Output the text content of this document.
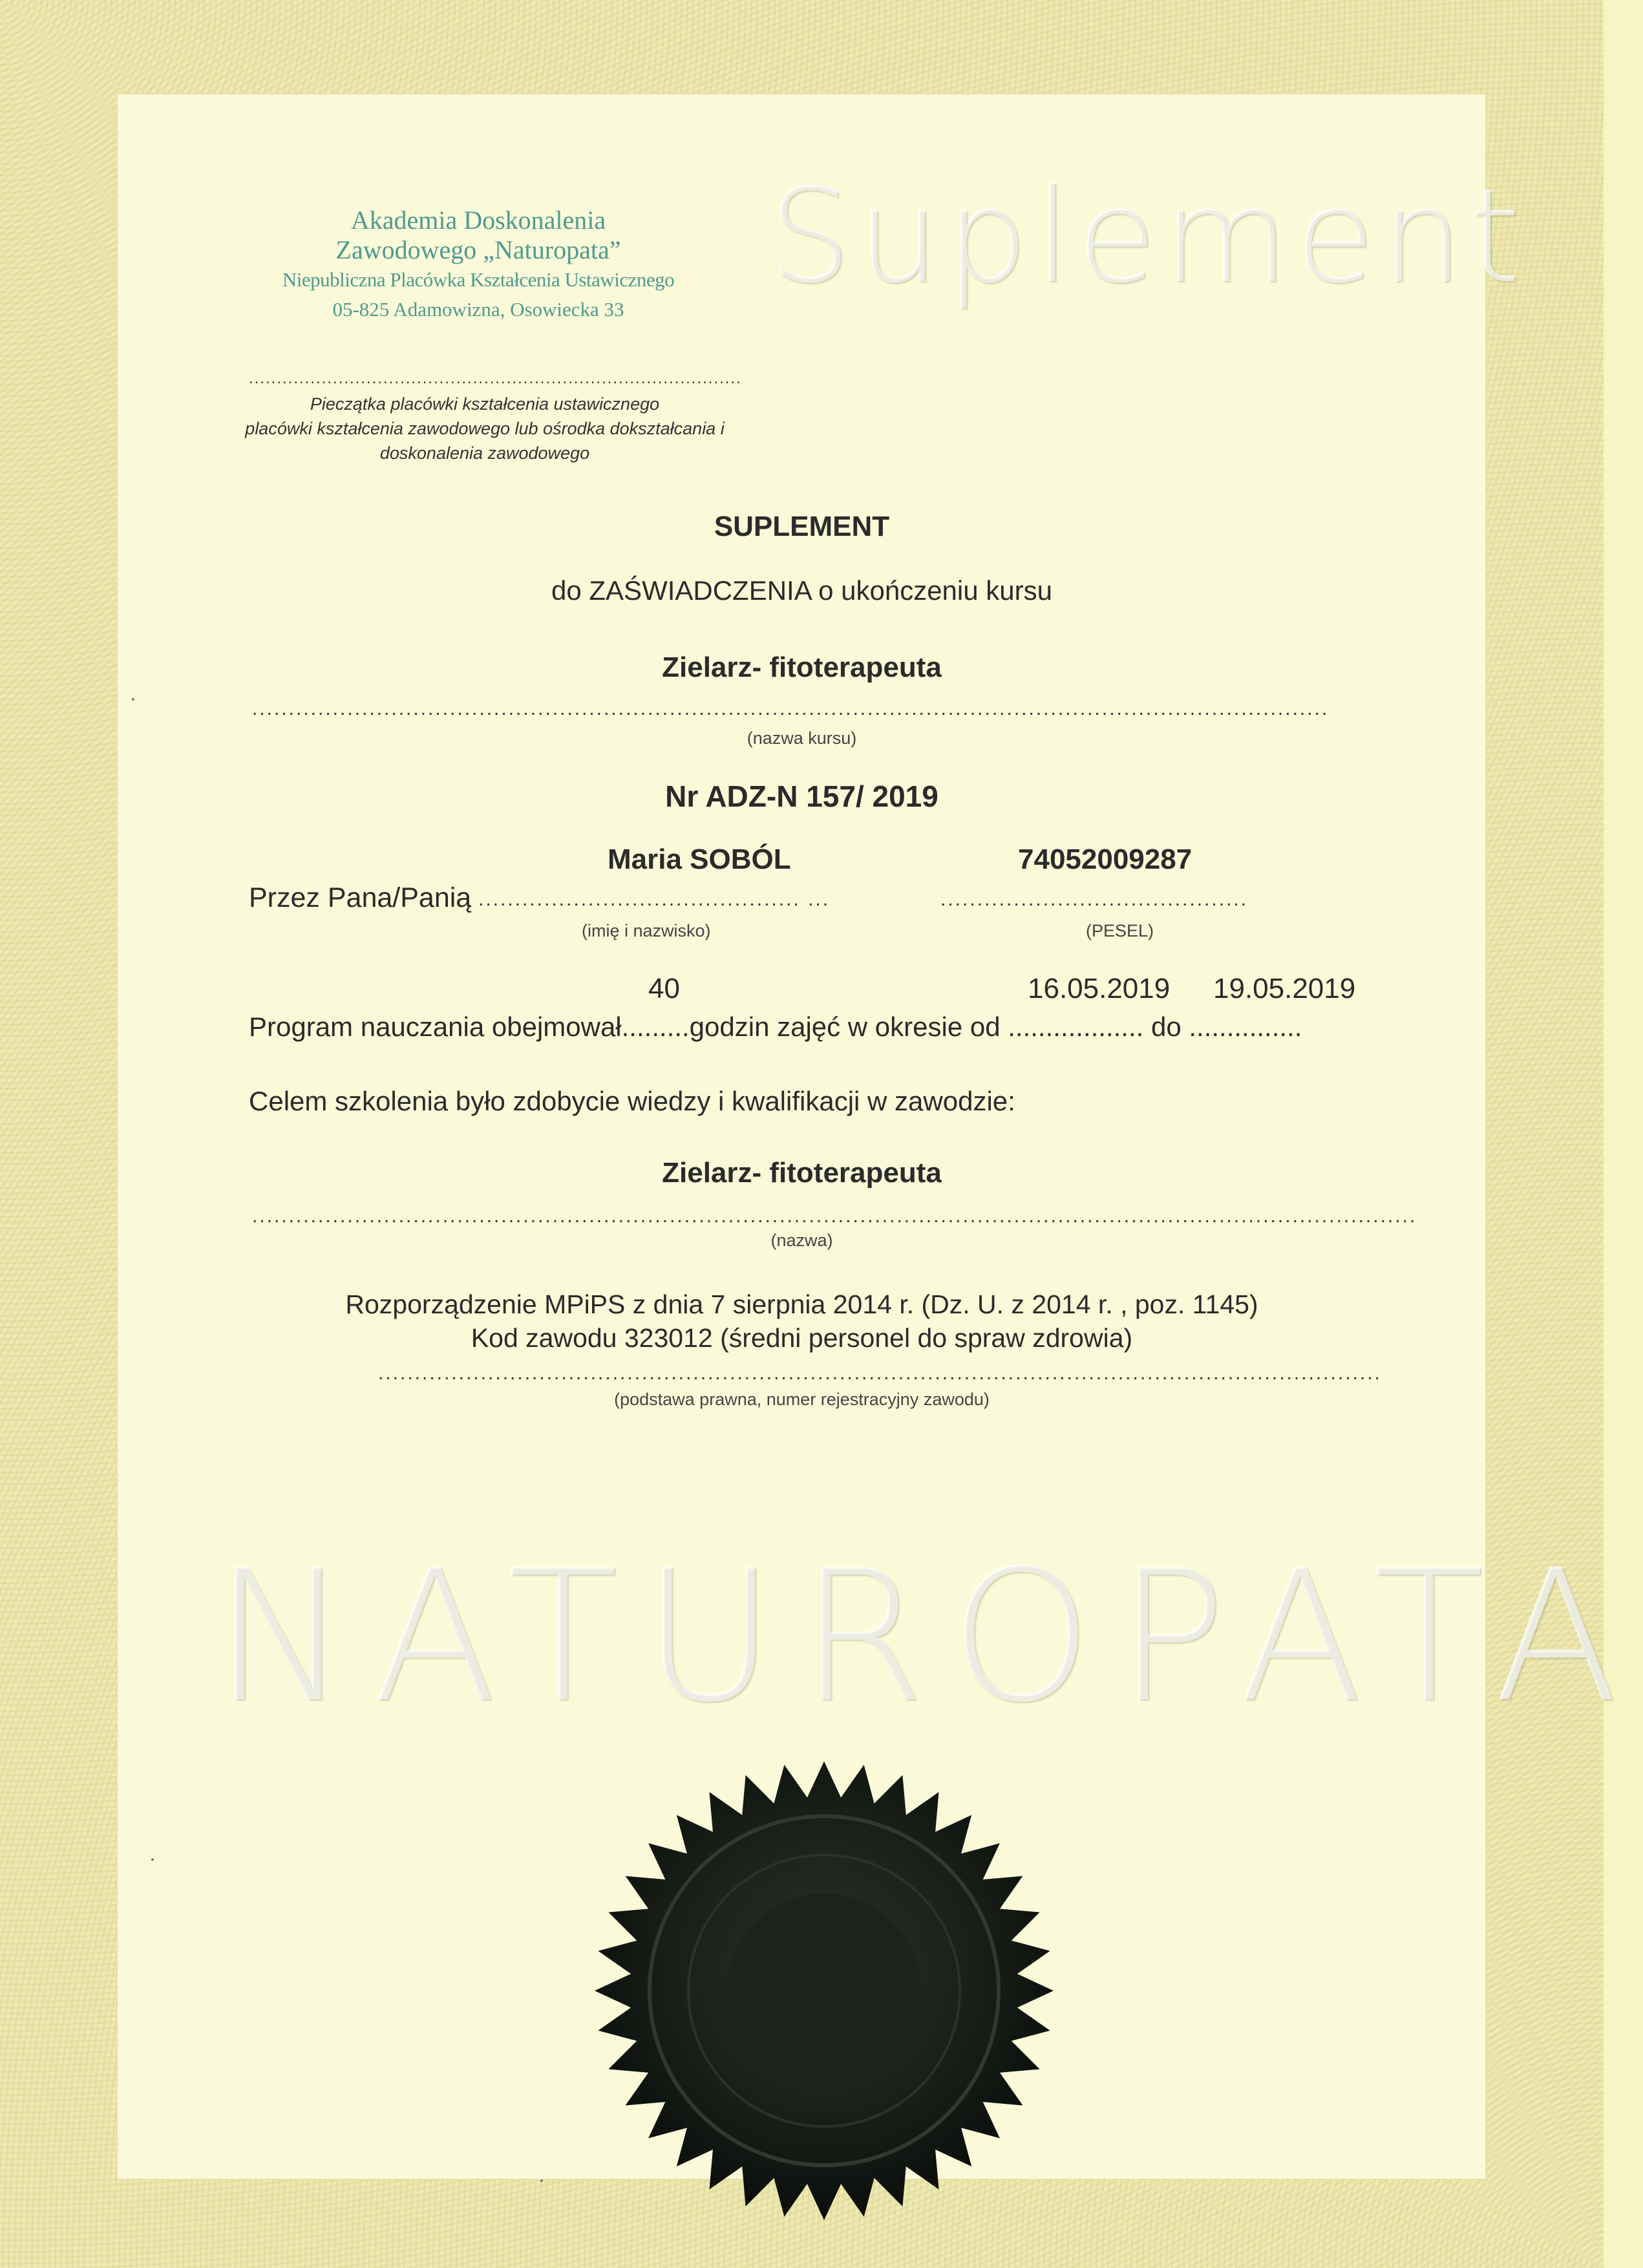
Suplement
Akademia Doskonalenia
Zawodowego „Naturopata”
Niepubliczna Placówka Kształcenia Ustawicznego
05-825 Adamowizna, Osowiecka 33
........................................................................................
Pieczątka placówki kształcenia ustawicznego
placówki kształcenia zawodowego lub ośrodka dokształcania i
doskonalenia zawodowego
SUPLEMENT
do ZAŚWIADCZENIA o ukończeniu kursu
Zielarz- fitoterapeuta
...................................................................................................................................................
(nazwa kursu)
Nr ADZ-N 157/ 2019
Maria SOBÓL	74052009287
Przez Pana/Panią ............................................ ...	..........................................
(imię i nazwisko)	(PESEL)
40	16.05.2019 19.05.2019
Program nauczania obejmował.........godzin zajęć w okresie od .................. do ...............
Celem szkolenia było zdobycie wiedzy i kwalifikacji w zawodzie:
Zielarz- fitoterapeuta
...............................................................................................................................................................
(nazwa)
Rozporządzenie MPiPS z dnia 7 sierpnia 2014 r. (Dz. U. z 2014 r. , poz. 1145)
Kod zawodu 323012 (średni personel do spraw zdrowia)
.........................................................................................................................................
(podstawa prawna, numer rejestracyjny zawodu)
NATUROPATA
